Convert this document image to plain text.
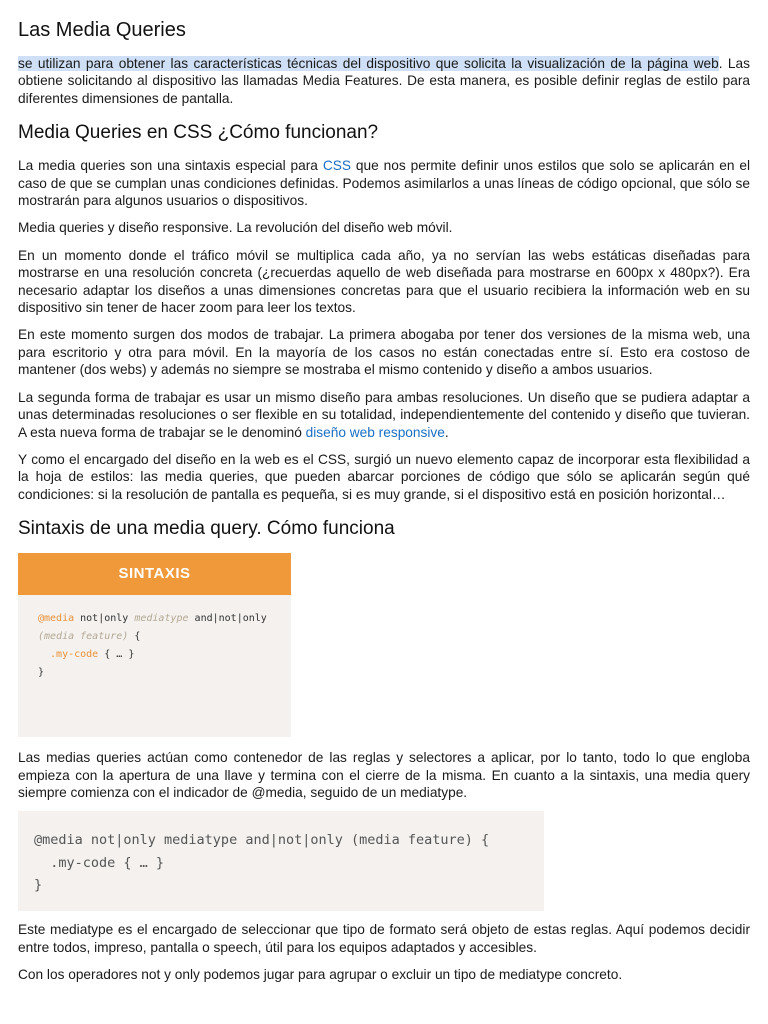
Las Media Queries

se utilizan para obtener las características técnicas del dispositivo que solicita la visualización de la página web. Las obtiene solicitando al dispositivo las llamadas Media Features. De esta manera, es posible definir reglas de estilo para diferentes dimensiones de pantalla.

Media Queries en CSS ¿Cómo funcionan?

La media queries son una sintaxis especial para CSS que nos permite definir unos estilos que solo se aplicarán en el caso de que se cumplan unas condiciones definidas. Podemos asimilarlos a unas líneas de código opcional, que sólo se mostrarán para algunos usuarios o dispositivos.

Media queries y diseño responsive. La revolución del diseño web móvil.

En un momento donde el tráfico móvil se multiplica cada año, ya no servían las webs estáticas diseñadas para mostrarse en una resolución concreta (¿recuerdas aquello de web diseñada para mostrarse en 600px x 480px?). Era necesario adaptar los diseños a unas dimensiones concretas para que el usuario recibiera la información web en su dispositivo sin tener de hacer zoom para leer los textos.

En este momento surgen dos modos de trabajar. La primera abogaba por tener dos versiones de la misma web, una para escritorio y otra para móvil. En la mayoría de los casos no están conectadas entre sí. Esto era costoso de mantener (dos webs) y además no siempre se mostraba el mismo contenido y diseño a ambos usuarios.

La segunda forma de trabajar es usar un mismo diseño para ambas resoluciones. Un diseño que se pudiera adaptar a unas determinadas resoluciones o ser flexible en su totalidad, independientemente del contenido y diseño que tuvieran. A esta nueva forma de trabajar se le denominó diseño web responsive.

Y como el encargado del diseño en la web es el CSS, surgió un nuevo elemento capaz de incorporar esta flexibilidad a la hoja de estilos: las media queries, que pueden abarcar porciones de código que sólo se aplicarán según qué condiciones: si la resolución de pantalla es pequeña, si es muy grande, si el dispositivo está en posición horizontal…

Sintaxis de una media query. Cómo funciona
SINTAXIS
@media not|only mediatype and|not|only
(media feature) {
.my-code { … }
}

Las medias queries actúan como contenedor de las reglas y selectores a aplicar, por lo tanto, todo lo que engloba empieza con la apertura de una llave y termina con el cierre de la misma. En cuanto a la sintaxis, una media query siempre comienza con el indicador de @media, seguido de un mediatype.

@media not|only mediatype and|not|only (media feature) {
.my-code { … }
}

Este mediatype es el encargado de seleccionar que tipo de formato será objeto de estas reglas. Aquí podemos decidir entre todos, impreso, pantalla o speech, útil para los equipos adaptados y accesibles.

Con los operadores not y only podemos jugar para agrupar o excluir un tipo de mediatype concreto.
